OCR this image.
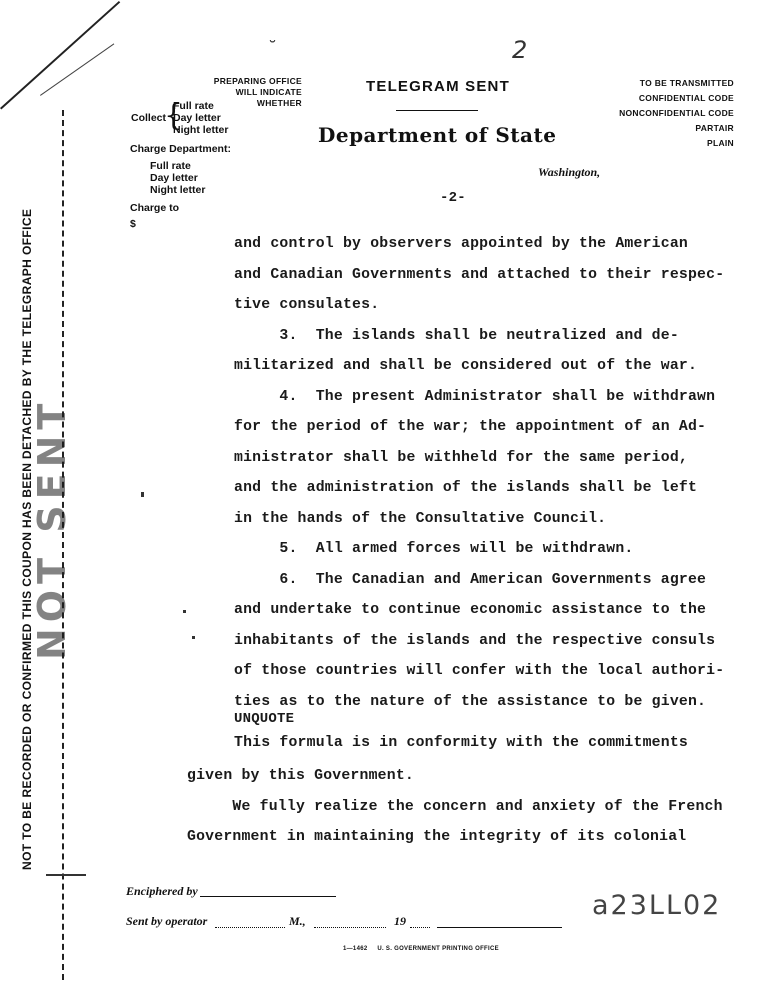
NOT SENT
NOT TO BE RECORDED OR CONFIRMED THIS COUPON HAS BEEN DETACHED BY THE TELEGRAPH OFFICE
2
˘
PREPARING OFFICE
WILL INDICATE WHETHER
Collect
{
Full rate
Day letter
Night letter
Charge Department:
Full rate
Day letter
Night letter
Charge to
$
TELEGRAM SENT
Department of State
Washington,
-2-
TO BE TRANSMITTED
CONFIDENTIAL CODE
NONCONFIDENTIAL CODE
PARTAIR
PLAIN
and control by observers appointed by the American
and Canadian Governments and attached to their respec-
tive consulates.
3.  The islands shall be neutralized and de-
militarized and shall be considered out of the war.
4.  The present Administrator shall be withdrawn
for the period of the war; the appointment of an Ad-
ministrator shall be withheld for the same period,
and the administration of the islands shall be left
in the hands of the Consultative Council.
5.  All armed forces will be withdrawn.
6.  The Canadian and American Governments agree
and undertake to continue economic assistance to the
inhabitants of the islands and the respective consuls
of those countries will confer with the local authori-
ties as to the nature of the assistance to be given.
UNQUOTE
This formula is in conformity with the commitments
given by this Government.
We fully realize the concern and anxiety of the French
Government in maintaining the integrity of its colonial
Enciphered by
Sent by operator	M.,	19
1—1462     U. S. GOVERNMENT PRINTING OFFICE
a23LL02
